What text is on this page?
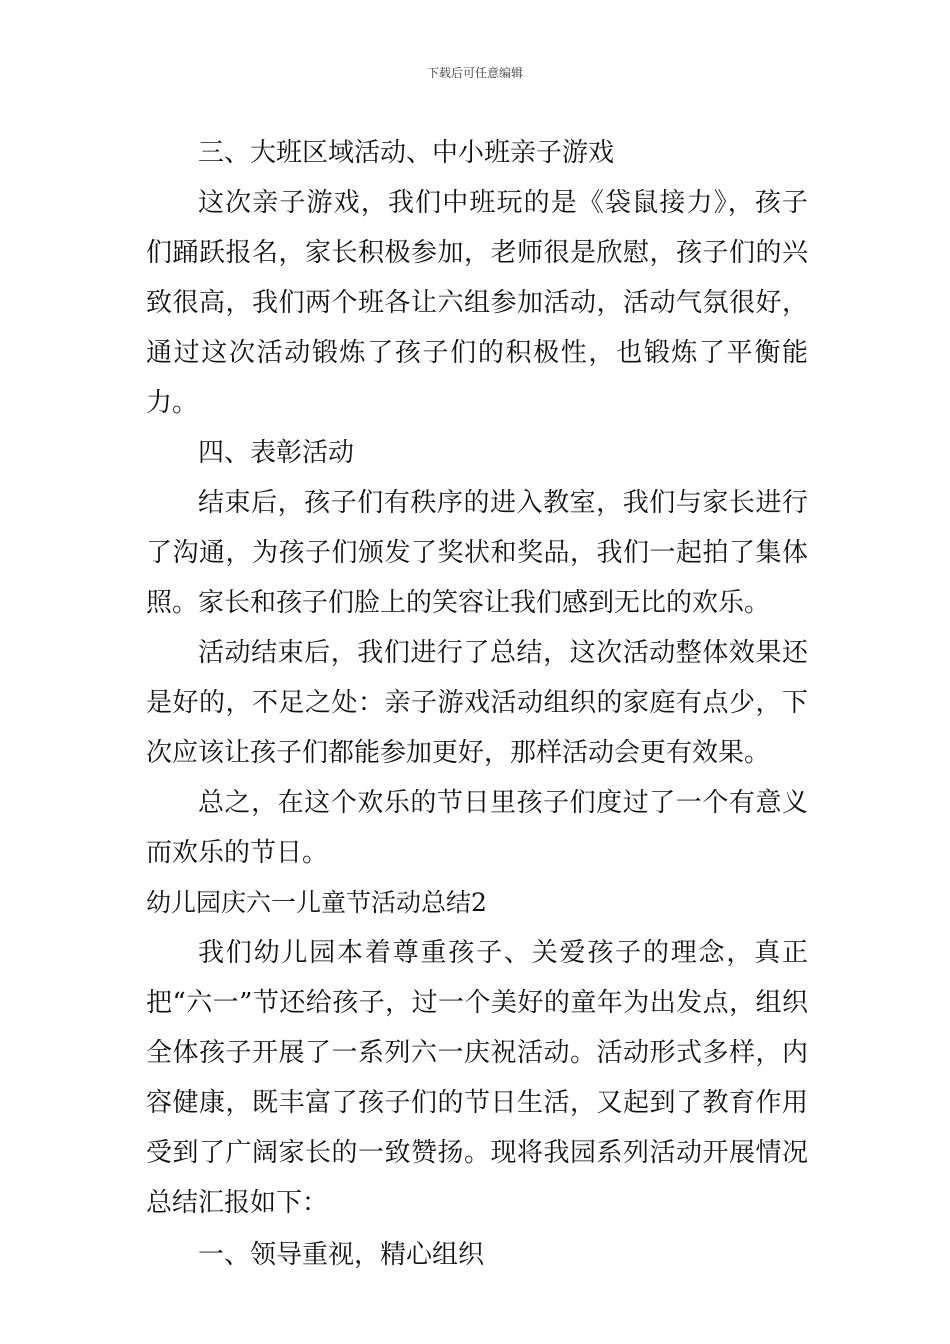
下载后可任意编辑

三、大班区域活动、中小班亲子游戏

这次亲子游戏，我们中班玩的是《袋鼠接力》，孩子们踊跃报名，家长积极参加，老师很是欣慰，孩子们的兴致很高，我们两个班各让六组参加活动，活动气氛很好，通过这次活动锻炼了孩子们的积极性，也锻炼了平衡能力。

四、表彰活动

结束后，孩子们有秩序的进入教室，我们与家长进行了沟通，为孩子们颁发了奖状和奖品，我们一起拍了集体照。家长和孩子们脸上的笑容让我们感到无比的欢乐。

活动结束后，我们进行了总结，这次活动整体效果还是好的，不足之处：亲子游戏活动组织的家庭有点少，下次应该让孩子们都能参加更好，那样活动会更有效果。

总之，在这个欢乐的节日里孩子们度过了一个有意义而欢乐的节日。

幼儿园庆六一儿童节活动总结2

我们幼儿园本着尊重孩子、关爱孩子的理念，真正把“六一”节还给孩子，过一个美好的童年为出发点，组织全体孩子开展了一系列六一庆祝活动。活动形式多样，内容健康，既丰富了孩子们的节日生活，又起到了教育作用受到了广阔家长的一致赞扬。现将我园系列活动开展情况总结汇报如下：

一、领导重视，精心组织
